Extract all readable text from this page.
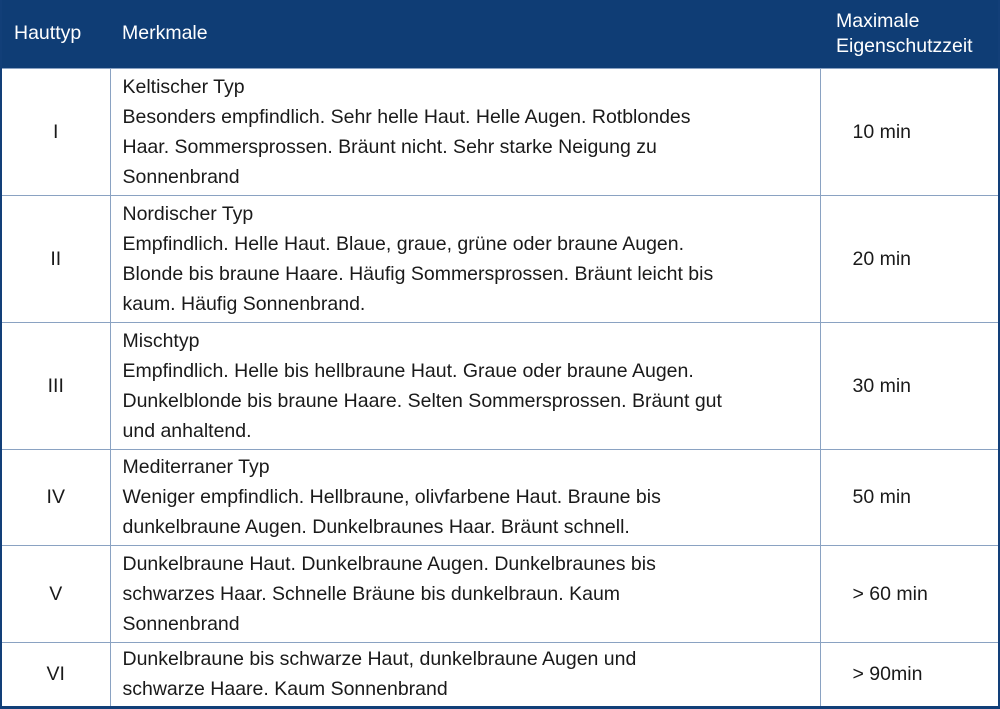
Hauttyp	Merkmale	Maximale
Eigenschutzzeit

I	Keltischer Typ
Besonders empfindlich. Sehr helle Haut. Helle Augen. Rotblondes
Haar. Sommersprossen. Bräunt nicht. Sehr starke Neigung zu
Sonnenbrand	10 min
II	Nordischer Typ
Empfindlich. Helle Haut. Blaue, graue, grüne oder braune Augen.
Blonde bis braune Haare. Häufig Sommersprossen. Bräunt leicht bis
kaum. Häufig Sonnenbrand.	20 min
III	Mischtyp
Empfindlich. Helle bis hellbraune Haut. Graue oder braune Augen.
Dunkelblonde bis braune Haare. Selten Sommersprossen. Bräunt gut
und anhaltend.	30 min
IV	Mediterraner Typ
Weniger empfindlich. Hellbraune, olivfarbene Haut. Braune bis
dunkelbraune Augen. Dunkelbraunes Haar. Bräunt schnell.	50 min
V	Dunkelbraune Haut. Dunkelbraune Augen. Dunkelbraunes bis
schwarzes Haar. Schnelle Bräune bis dunkelbraun. Kaum
Sonnenbrand	> 60 min
VI	Dunkelbraune bis schwarze Haut, dunkelbraune Augen und
schwarze Haare. Kaum Sonnenbrand	> 90min
